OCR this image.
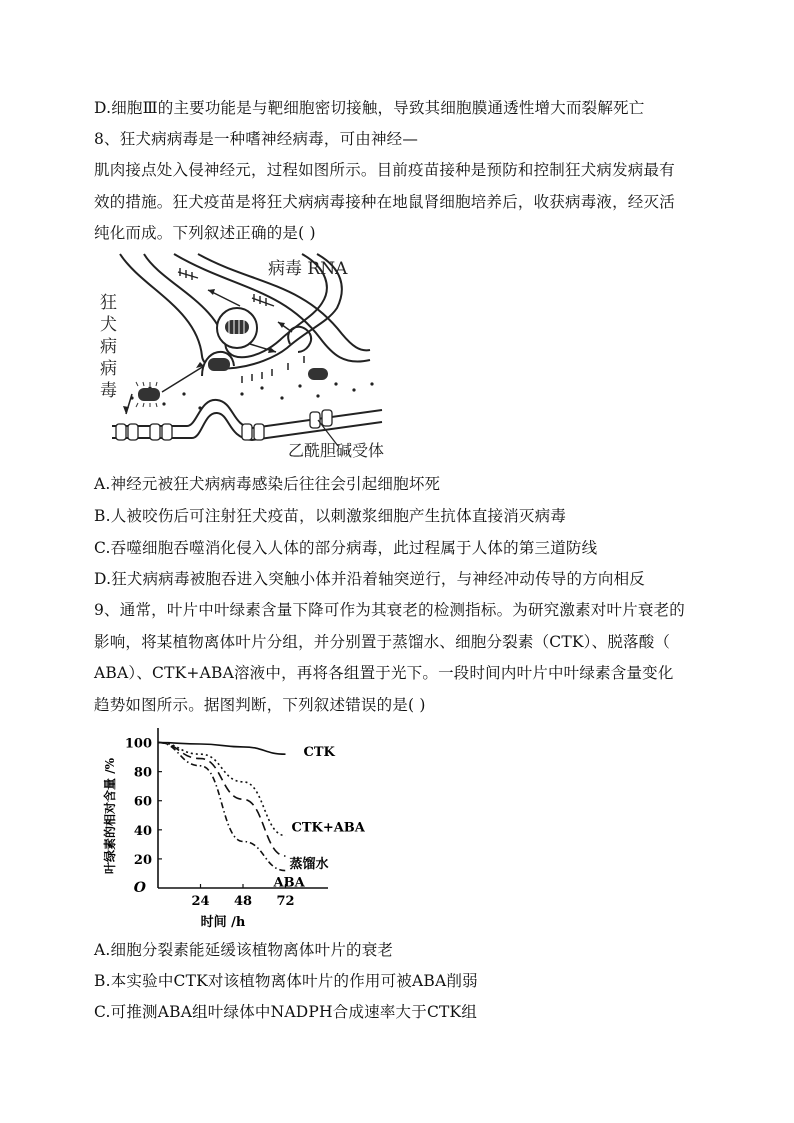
D.细胞Ⅲ的主要功能是与靶细胞密切接触，导致其细胞膜通透性增大而裂解死亡
8、狂犬病病毒是一种嗜神经病毒，可由神经—
肌肉接点处入侵神经元，过程如图所示。目前疫苗接种是预防和控制狂犬病发病最有
效的措施。狂犬疫苗是将狂犬病病毒接种在地鼠肾细胞培养后，收获病毒液，经灭活
纯化而成。下列叙述正确的是( )
病毒 RNA
狂
犬
病
病
毒
乙酰胆碱受体
A.神经元被狂犬病病毒感染后往往会引起细胞坏死
B.人被咬伤后可注射狂犬疫苗，以刺激浆细胞产生抗体直接消灭病毒
C.吞噬细胞吞噬消化侵入人体的部分病毒，此过程属于人体的第三道防线
D.狂犬病病毒被胞吞进入突触小体并沿着轴突逆行，与神经冲动传导的方向相反
9、通常，叶片中叶绿素含量下降可作为其衰老的检测指标。为研究激素对叶片衰老的
影响，将某植物离体叶片分组，并分别置于蒸馏水、细胞分裂素（CTK）、脱落酸（
ABA）、CTK+ABA溶液中，再将各组置于光下。一段时间内叶片中叶绿素含量变化
趋势如图所示。据图判断，下列叙述错误的是( )
20
40
60
80
100
24 48 72
O
时间 /h
叶绿素的相对含量 /%
CTK
CTK+ABA
蒸馏水
ABA
A.细胞分裂素能延缓该植物离体叶片的衰老
B.本实验中CTK对该植物离体叶片的作用可被ABA削弱
C.可推测ABA组叶绿体中NADPH合成速率大于CTK组
